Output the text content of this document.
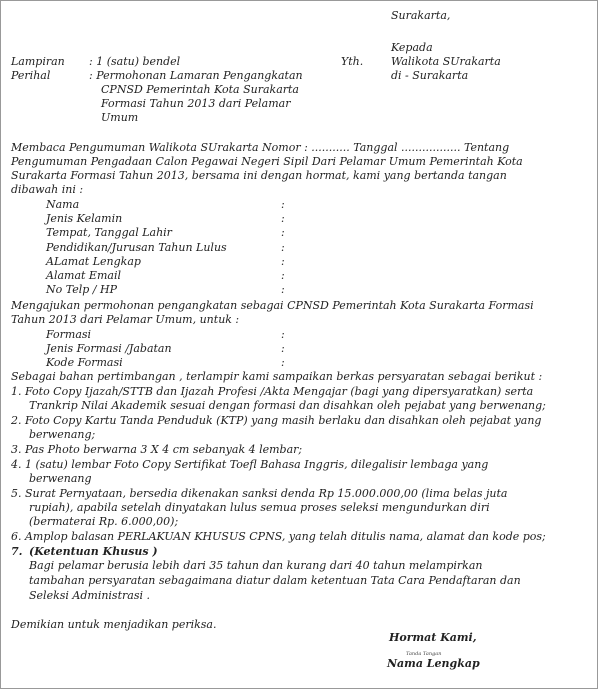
Surakarta,
Kepada
Walikota SUrakarta
di - Surakarta
Yth.
Lampiran : 1 (satu) bendel
Perihal	: Permohonan Lamaran Pengangkatan
CPNSD Pemerintah Kota Surakarta
Formasi Tahun 2013 dari Pelamar
Umum
Membaca Pengumuman Walikota SUrakarta Nomor : ........... Tanggal ................. Tentang
Pengumuman Pengadaan Calon Pegawai Negeri Sipil Dari Pelamar Umum Pemerintah Kota
Surakarta Formasi Tahun 2013, bersama ini dengan hormat, kami yang bertanda tangan
dibawah ini :
Nama	:
Jenis Kelamin	:
Tempat, Tanggal Lahir	:
Pendidikan/Jurusan Tahun Lulus	:
ALamat Lengkap	:
Alamat Email	:
No Telp / HP	:
Mengajukan permohonan pengangkatan sebagai CPNSD Pemerintah Kota Surakarta Formasi
Tahun 2013 dari Pelamar Umum, untuk :
Formasi	:
Jenis Formasi /Jabatan	:
Kode Formasi	:
Sebagai bahan pertimbangan , terlampir kami sampaikan berkas persyaratan sebagai berikut :
1. Foto Copy Ijazah/STTB dan Ijazah Profesi /Akta Mengajar (bagi yang dipersyaratkan) serta
Trankrip Nilai Akademik sesuai dengan formasi dan disahkan oleh pejabat yang berwenang;
2. Foto Copy Kartu Tanda Penduduk (KTP) yang masih berlaku dan disahkan oleh pejabat yang
berwenang;
3. Pas Photo berwarna 3 X 4 cm sebanyak 4 lembar;
4. 1 (satu) lembar Foto Copy Sertifikat Toefl Bahasa Inggris, dilegalisir lembaga yang
berwenang
5. Surat Pernyataan, bersedia dikenakan sanksi denda Rp 15.000.000,00 (lima belas juta
rupiah), apabila setelah dinyatakan lulus semua proses seleksi mengundurkan diri
(bermaterai Rp. 6.000,00);
6. Amplop balasan PERLAKUAN KHUSUS CPNS, yang telah ditulis nama, alamat dan kode pos;
7. (Ketentuan Khusus )
Bagi pelamar berusia lebih dari 35 tahun dan kurang dari 40 tahun melampirkan
tambahan persyaratan sebagaimana diatur dalam ketentuan Tata Cara Pendaftaran dan
Seleksi Administrasi .
Demikian untuk menjadikan periksa.
Hormat Kami,
Tanda Tangan
Nama Lengkap
